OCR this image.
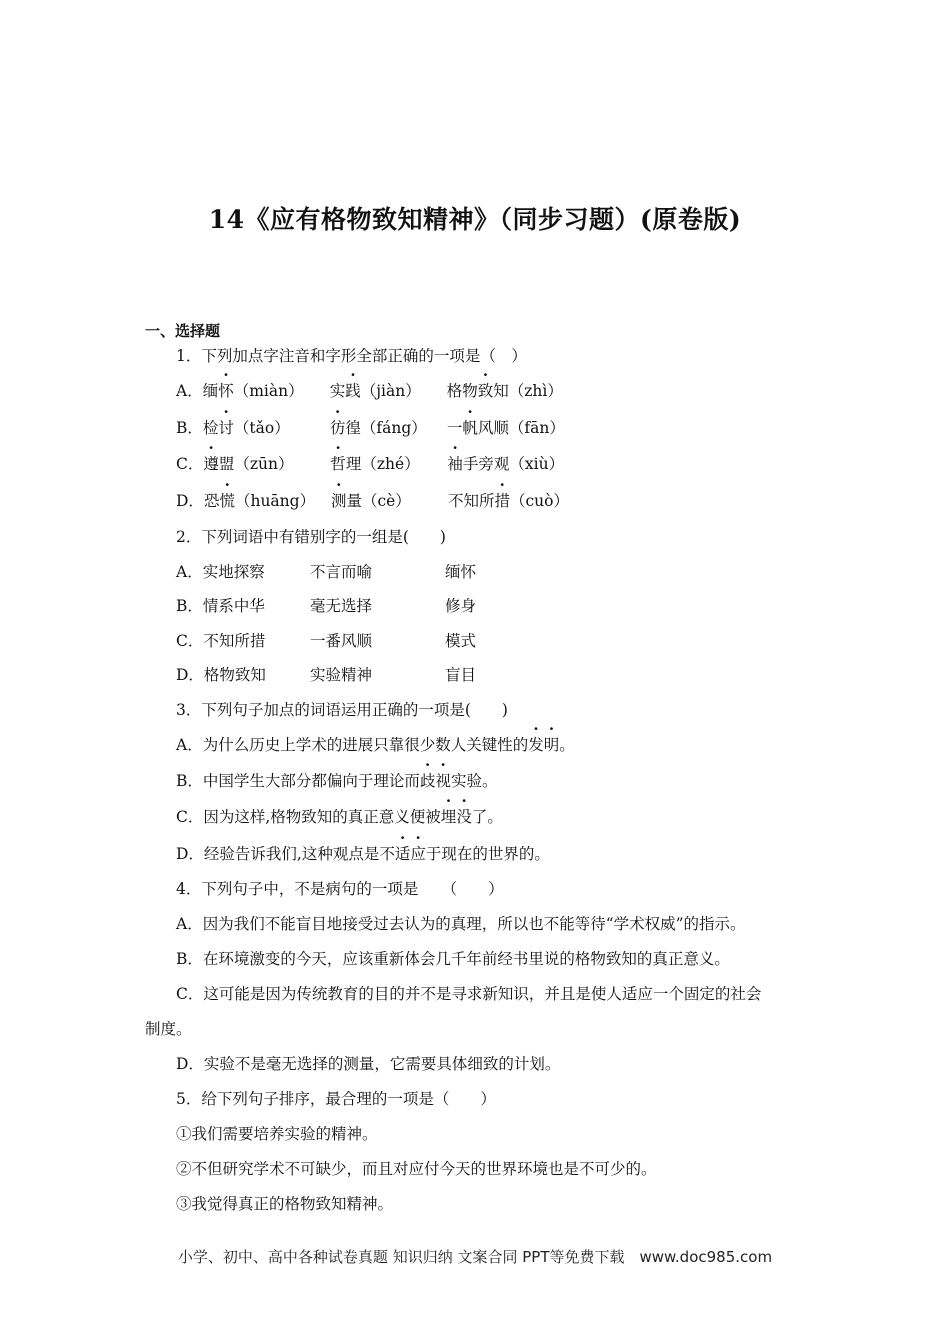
14《应有格物致知精神》（同步习题）(原卷版)
一、选择题
1．下列加点字注音和字形全部正确的一项是（　）
A．缅怀（miàn） 实践（jiàn） 格物致知（zhì）
B．检讨（tǎo）	彷徨（fáng） 一帆风顺（fān）
C．遵盟（zūn） 哲理（zhé） 袖手旁观（xiù）
D．恐慌（huāng） 测量（cè） 不知所措（cuò）
2．下列词语中有错别字的一组是(　　)
A．实地探察	不言而喻	缅怀
B．情系中华	毫无选择	修身
C．不知所措	一番风顺	模式
D．格物致知	实验精神	盲目
3．下列句子加点的词语运用正确的一项是(　　)
A．为什么历史上学术的进展只靠很少数人关键性的发明。
B．中国学生大部分都偏向于理论而歧视实验。
C．因为这样,格物致知的真正意义便被埋没了。
D．经验告诉我们,这种观点是不适应于现在的世界的。
4．下列句子中，不是病句的一项是　　（　　）
A．因为我们不能盲目地接受过去认为的真理，所以也不能等待“学术权威”的指示。
B．在环境激变的今天，应该重新体会几千年前经书里说的格物致知的真正意义。
C．这可能是因为传统教育的目的并不是寻求新知识，并且是使人适应一个固定的社会
制度。
D．实验不是毫无选择的测量，它需要具体细致的计划。
5．给下列句子排序，最合理的一项是（　　）
①我们需要培养实验的精神。
②不但研究学术不可缺少，而且对应付今天的世界环境也是不可少的。
③我觉得真正的格物致知精神。
小学、初中、高中各种试卷真题 知识归纳 文案合同 PPT等免费下载　www.doc985.com
